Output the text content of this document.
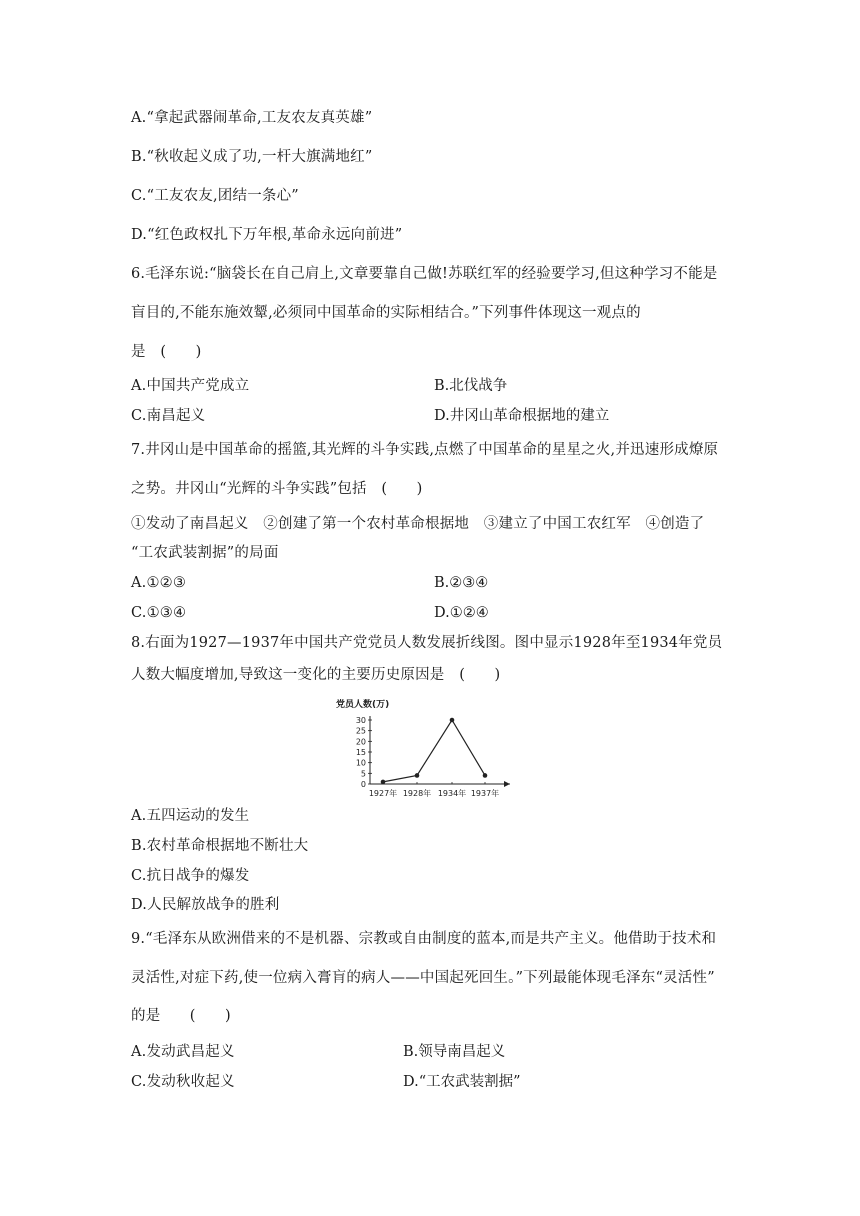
A.“拿起武器闹革命,工友农友真英雄”
B.“秋收起义成了功,一杆大旗满地红”
C.“工友农友,团结一条心”
D.“红色政权扎下万年根,革命永远向前进”
6.毛泽东说:“脑袋长在自己肩上,文章要靠自己做!苏联红军的经验要学习,但这种学习不能是
盲目的,不能东施效颦,必须同中国革命的实际相结合。”下列事件体现这一观点的
是　(　　)
A.中国共产党成立	B.北伐战争
C.南昌起义	D.井冈山革命根据地的建立
7.井冈山是中国革命的摇篮,其光辉的斗争实践,点燃了中国革命的星星之火,并迅速形成燎原
之势。井冈山“光辉的斗争实践”包括　(　　)
①发动了南昌起义　②创建了第一个农村革命根据地　③建立了中国工农红军　④创造了
“工农武装割据”的局面
A.①②③	B.②③④
C.①③④	D.①②④
8.右面为1927—1937年中国共产党党员人数发展折线图。图中显示1928年至1934年党员
人数大幅度增加,导致这一变化的主要历史原因是　(　　)
党员人数(万)
0
5
10
15
20
25
30
1927年 1928年 1934年 1937年
A.五四运动的发生
B.农村革命根据地不断壮大
C.抗日战争的爆发
D.人民解放战争的胜利
9.“毛泽东从欧洲借来的不是机器、宗教或自由制度的蓝本,而是共产主义。他借助于技术和
灵活性,对症下药,使一位病入膏肓的病人——中国起死回生。”下列最能体现毛泽东“灵活性”
的是　　(　　)
A.发动武昌起义	B.领导南昌起义
C.发动秋收起义	D.“工农武装割据”
